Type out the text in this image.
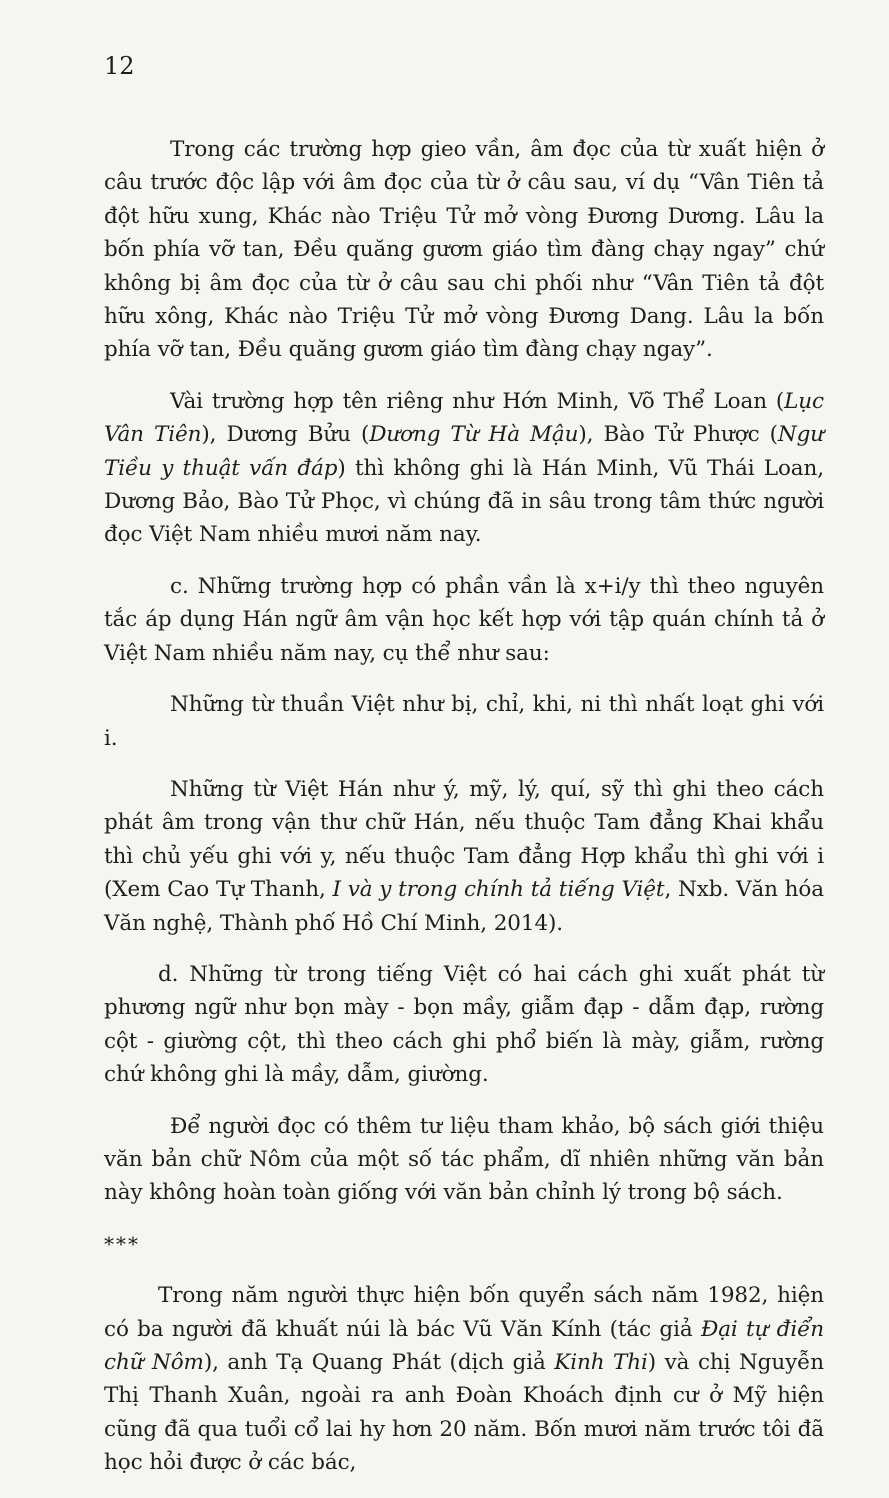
12

Trong các trường hợp gieo vần, âm đọc của từ xuất hiện ở câu trước độc lập với âm đọc của từ ở câu sau, ví dụ “Vân Tiên tả đột hữu xung, Khác nào Triệu Tử mở vòng Đương Dương. Lâu la bốn phía vỡ tan, Đều quăng gươm giáo tìm đàng chạy ngay” chứ không bị âm đọc của từ ở câu sau chi phối như “Vân Tiên tả đột hữu xông, Khác nào Triệu Tử mở vòng Đương Dang. Lâu la bốn phía vỡ tan, Đều quăng gươm giáo tìm đàng chạy ngay”.

Vài trường hợp tên riêng như Hớn Minh, Võ Thể Loan (Lục Vân Tiên), Dương Bửu (Dương Từ Hà Mậu), Bào Tử Phược (Ngư Tiều y thuật vấn đáp) thì không ghi là Hán Minh, Vũ Thái Loan, Dương Bảo, Bào Tử Phọc, vì chúng đã in sâu trong tâm thức người đọc Việt Nam nhiều mươi năm nay.

c. Những trường hợp có phần vần là x+i/y thì theo nguyên tắc áp dụng Hán ngữ âm vận học kết hợp với tập quán chính tả ở Việt Nam nhiều năm nay, cụ thể như sau:

Những từ thuần Việt như bị, chỉ, khi, ni thì nhất loạt ghi với i.

Những từ Việt Hán như ý, mỹ, lý, quí, sỹ thì ghi theo cách phát âm trong vận thư chữ Hán, nếu thuộc Tam đẳng Khai khẩu thì chủ yếu ghi với y, nếu thuộc Tam đẳng Hợp khẩu thì ghi với i (Xem Cao Tự Thanh, I và y trong chính tả tiếng Việt, Nxb. Văn hóa Văn nghệ, Thành phố Hồ Chí Minh, 2014).

d. Những từ trong tiếng Việt có hai cách ghi xuất phát từ phương ngữ như bọn mày - bọn mầy, giẫm đạp - dẫm đạp, rường cột - giường cột, thì theo cách ghi phổ biến là mày, giẫm, rường chứ không ghi là mầy, dẫm, giường.

Để người đọc có thêm tư liệu tham khảo, bộ sách giới thiệu văn bản chữ Nôm của một số tác phẩm, dĩ nhiên những văn bản này không hoàn toàn giống với văn bản chỉnh lý trong bộ sách.

***

Trong năm người thực hiện bốn quyển sách năm 1982, hiện có ba người đã khuất núi là bác Vũ Văn Kính (tác giả Đại tự điển chữ Nôm), anh Tạ Quang Phát (dịch giả Kinh Thi) và chị Nguyễn Thị Thanh Xuân, ngoài ra anh Đoàn Khoách định cư ở Mỹ hiện cũng đã qua tuổi cổ lai hy hơn 20 năm. Bốn mươi năm trước tôi đã học hỏi được ở các bác,
